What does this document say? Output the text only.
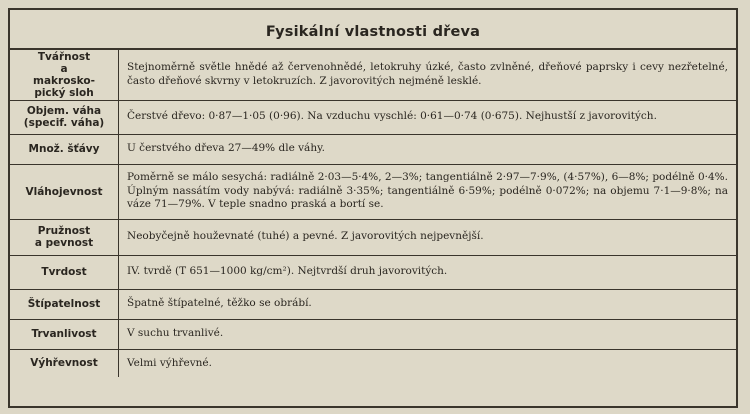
Fysikální vlastnosti dřeva
Tvářnost
a
makrosko-
pický sloh	Stejnoměrně světle hnědé až červenohnědé, letokruhy úzké, často zvlněné, dřeňové paprsky i cevy nezřetelné, často dřeňové skvrny v letokruzích. Z javorovitých nejméně lesklé.
Objem. váha
(specif. váha)	Čerstvé dřevo: 0·87—1·05 (0·96). Na vzduchu vyschlé: 0·61—0·74 (0·675). Nejhustší z javorovitých.
Množ. šťávy	U čerstvého dřeva 27—49% dle váhy.
Vláhojevnost	Poměrně se málo sesychá: radiálně 2·03—5·4%, 2—3%; tangentiálně 2·97—7·9%, (4·57%), 6—8%; podélně 0·4%. Úplným nassátím vody nabývá: radiálně 3·35%; tangentiálně 6·59%; podélně 0·072%; na objemu 7·1—9·8%; na váze 71—79%. V teple snadno praská a bortí se.
Pružnost
a pevnost	Neobyčejně houževnaté (tuhé) a pevné. Z javorovitých nejpevnější.
Tvrdost	IV. tvrdě (T 651—1000 kg/cm²). Nejtvrdší druh javorovitých.
Štípatelnost	Špatně štípatelné, těžko se obrábí.
Trvanlivost	V suchu trvanlivé.
Výhřevnost	Velmi výhřevné.
